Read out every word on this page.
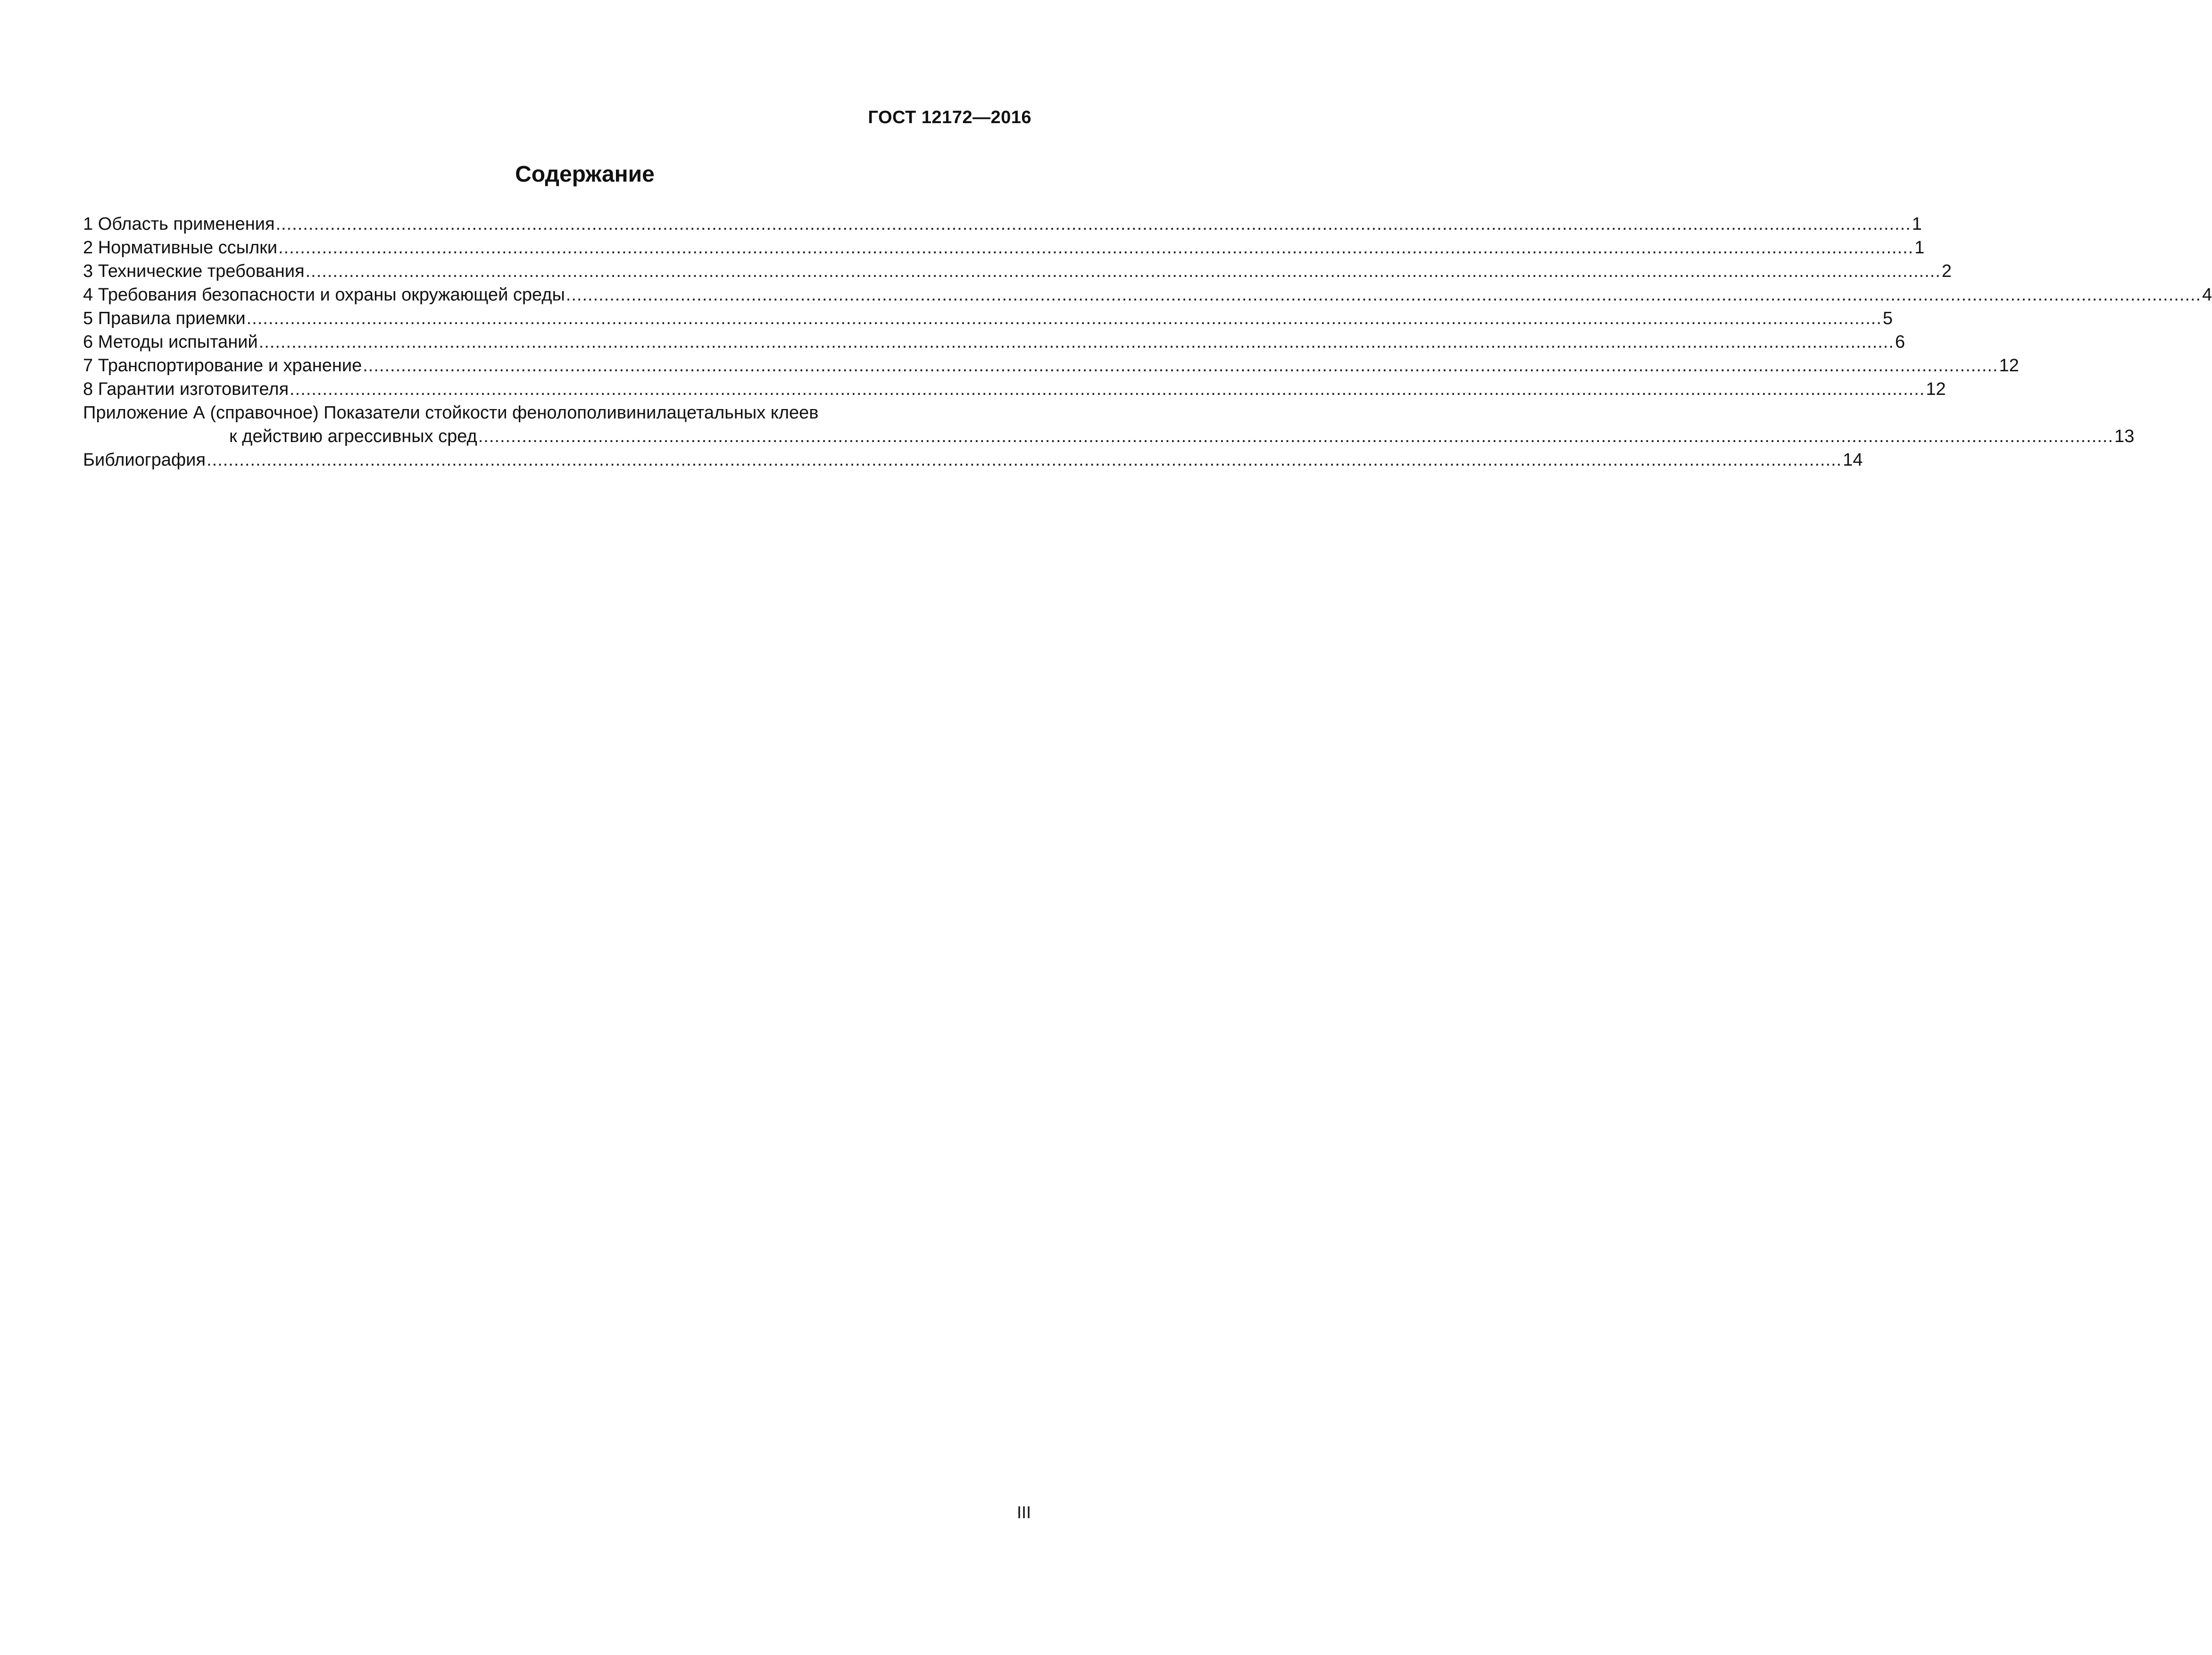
ГОСТ 12172—2016
Содержание
1 Область применения ............................................................................................................................................................................................................................................................................................................ 1
2 Нормативные ссылки ............................................................................................................................................................................................................................................................................................................ 1
3 Технические требования ............................................................................................................................................................................................................................................................................................................ 2
4 Требования безопасности и охраны окружающей среды ............................................................................................................................................................................................................................................................................................................ 4
5 Правила приемки ............................................................................................................................................................................................................................................................................................................ 5
6 Методы испытаний ............................................................................................................................................................................................................................................................................................................ 6
7 Транспортирование и хранение ............................................................................................................................................................................................................................................................................................................ 12
8 Гарантии изготовителя ............................................................................................................................................................................................................................................................................................................ 12
Приложение А (справочное) Показатели стойкости фенолополивинилацетальных клеев
к действию агрессивных сред ............................................................................................................................................................................................................................................................................................................ 13
Библиография ............................................................................................................................................................................................................................................................................................................ 14
III
